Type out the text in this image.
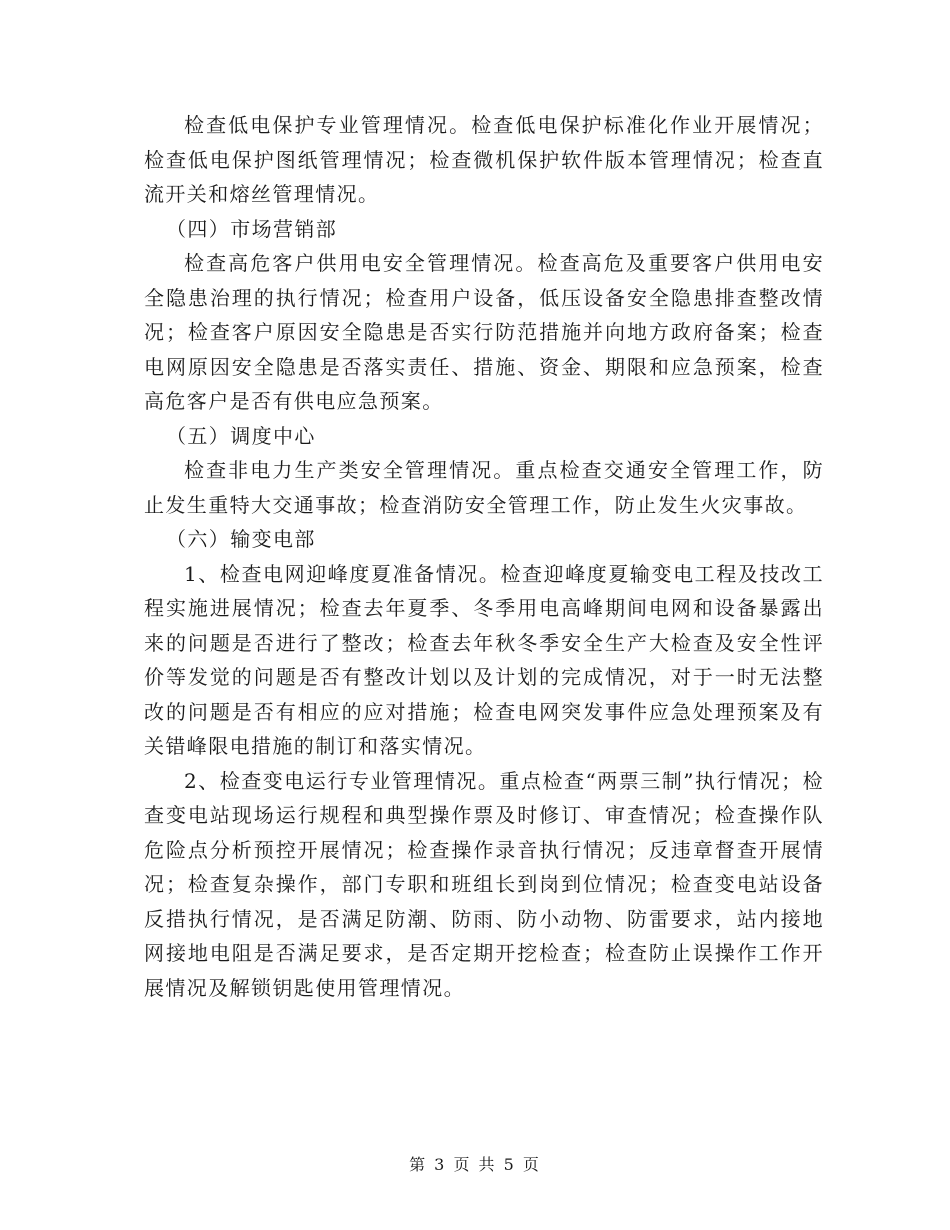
检查低电保护专业管理情况。检查低电保护标准化作业开展情况；检查低电保护图纸管理情况；检查微机保护软件版本管理情况；检查直流开关和熔丝管理情况。

（四）市场营销部

检查高危客户供用电安全管理情况。检查高危及重要客户供用电安全隐患治理的执行情况；检查用户设备，低压设备安全隐患排查整改情况；检查客户原因安全隐患是否实行防范措施并向地方政府备案；检查电网原因安全隐患是否落实责任、措施、资金、期限和应急预案，检查高危客户是否有供电应急预案。

（五）调度中心

检查非电力生产类安全管理情况。重点检查交通安全管理工作，防止发生重特大交通事故；检查消防安全管理工作，防止发生火灾事故。

（六）输变电部

1、检查电网迎峰度夏准备情况。检查迎峰度夏输变电工程及技改工程实施进展情况；检查去年夏季、冬季用电高峰期间电网和设备暴露出来的问题是否进行了整改；检查去年秋冬季安全生产大检查及安全性评价等发觉的问题是否有整改计划以及计划的完成情况，对于一时无法整改的问题是否有相应的应对措施；检查电网突发事件应急处理预案及有关错峰限电措施的制订和落实情况。

2、检查变电运行专业管理情况。重点检查“两票三制”执行情况；检查变电站现场运行规程和典型操作票及时修订、审查情况；检查操作队危险点分析预控开展情况；检查操作录音执行情况；反违章督查开展情况；检查复杂操作，部门专职和班组长到岗到位情况；检查变电站设备反措执行情况，是否满足防潮、防雨、防小动物、防雷要求，站内接地网接地电阻是否满足要求，是否定期开挖检查；检查防止误操作工作开展情况及解锁钥匙使用管理情况。

第 3 页 共 5 页
